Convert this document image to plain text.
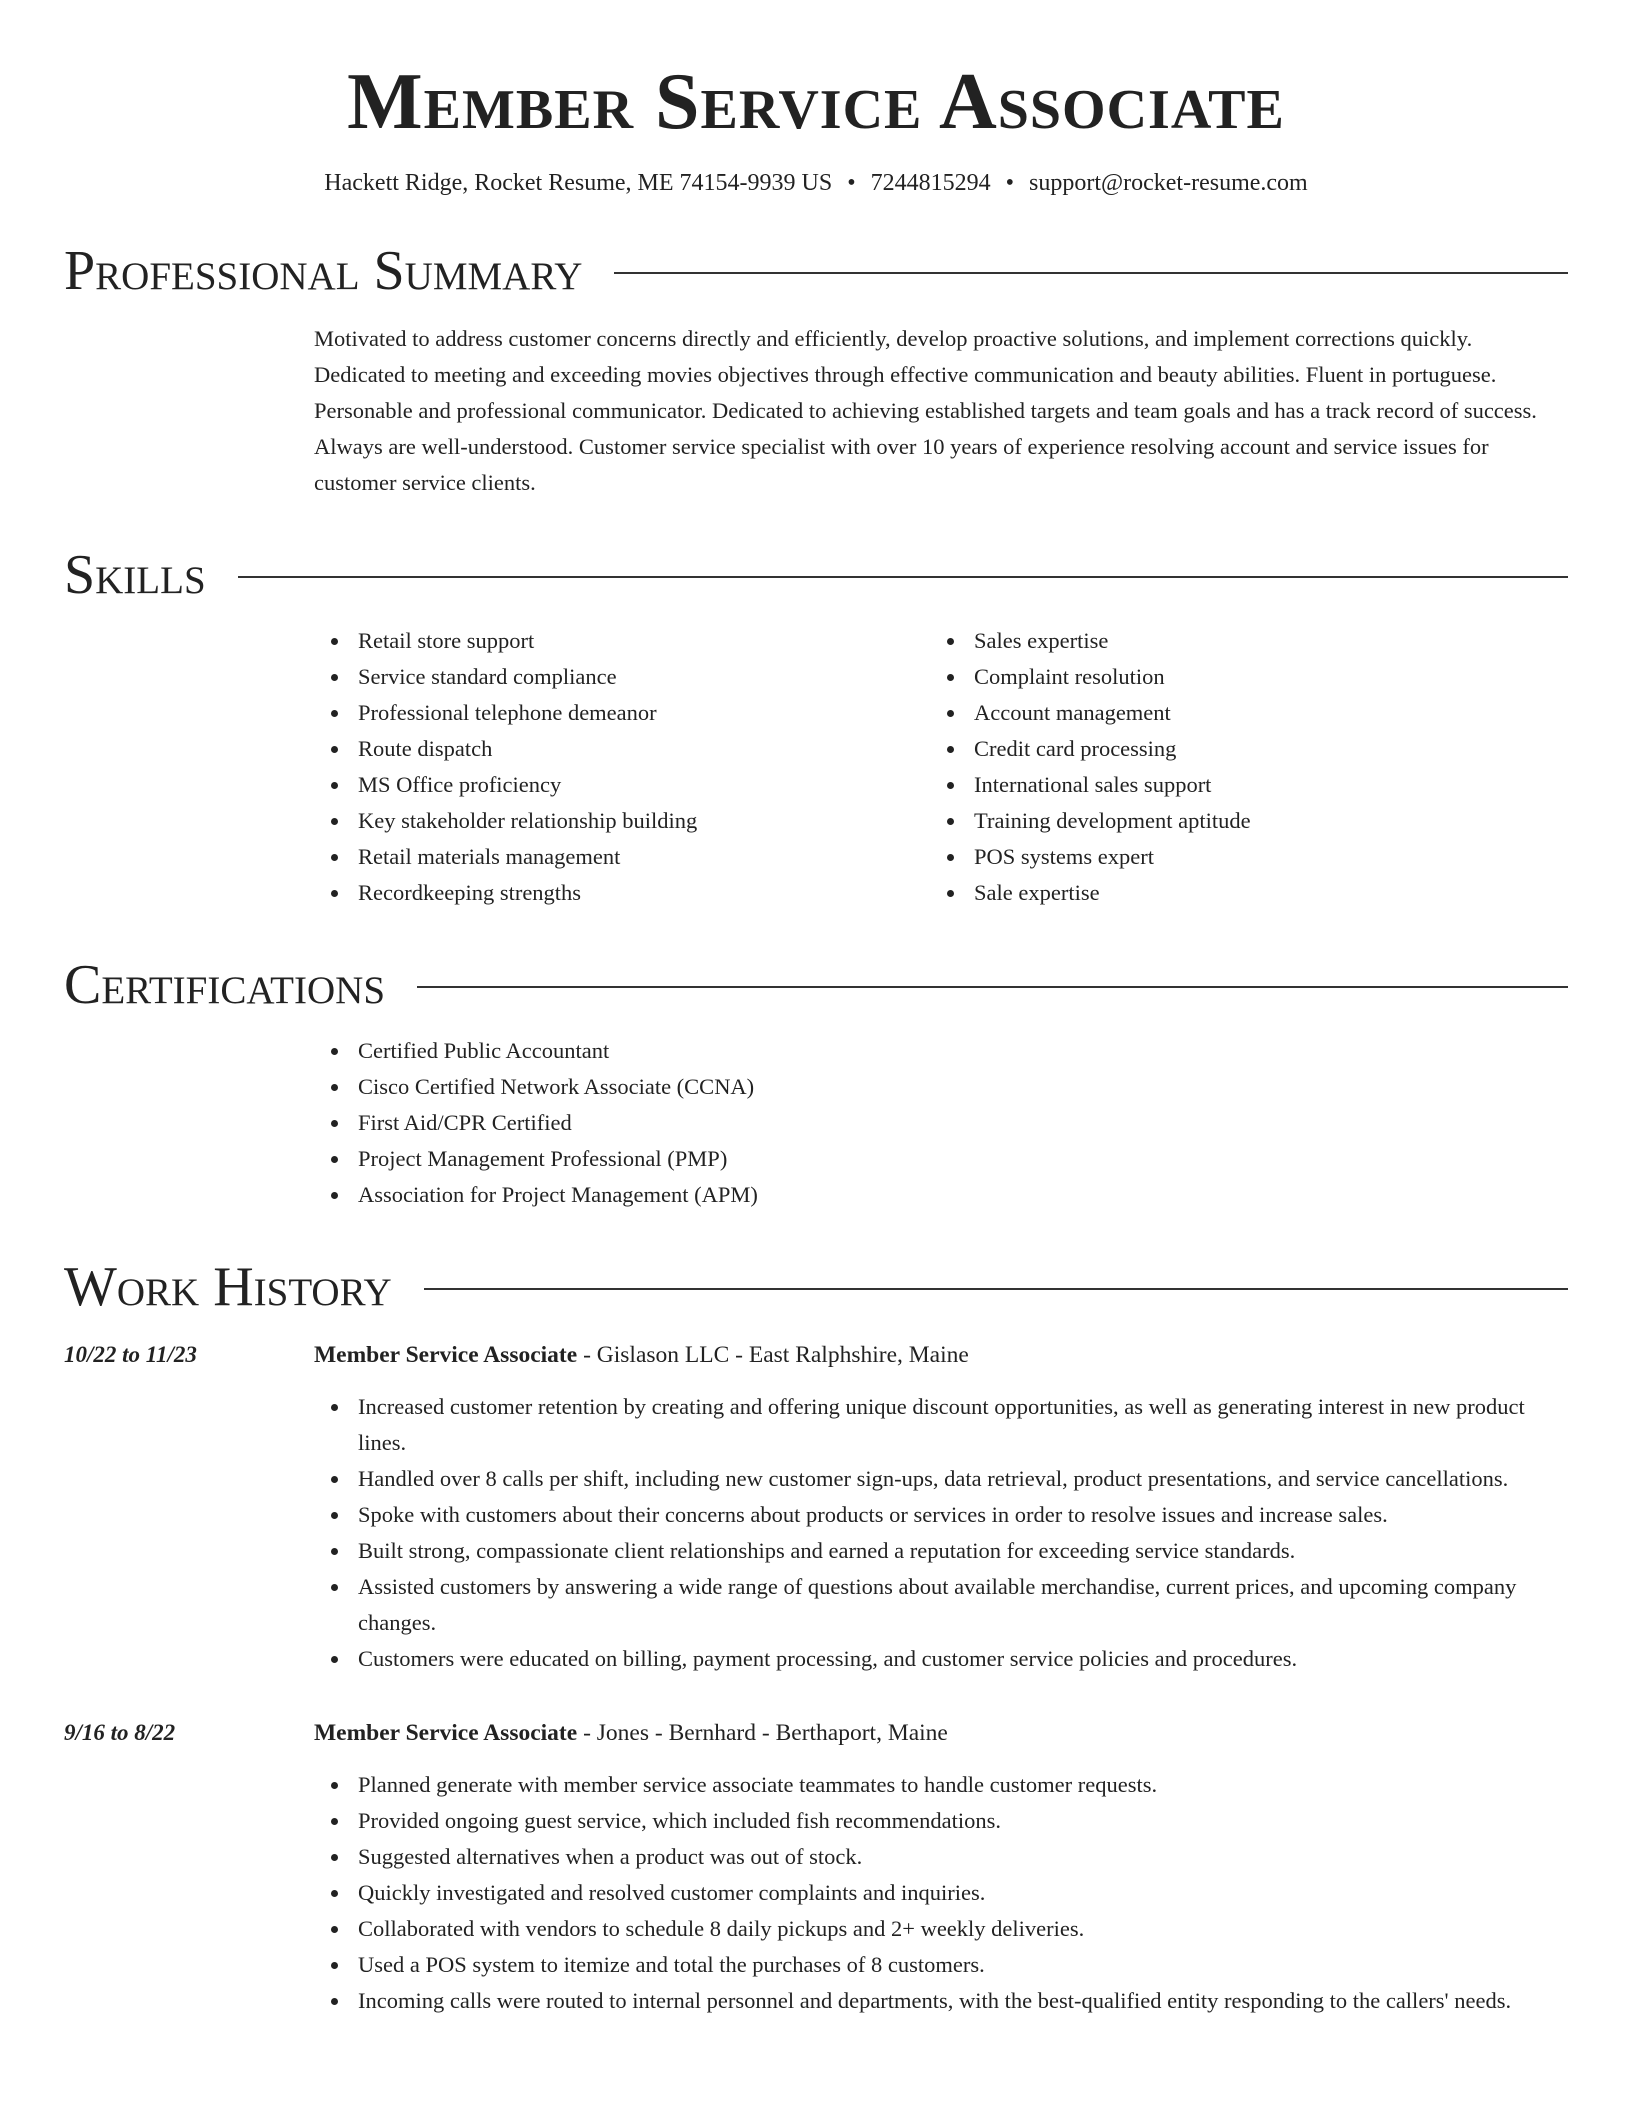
Member Service Associate
Hackett Ridge, Rocket Resume, ME 74154-9939 US • 7244815294 • support@rocket-resume.com
Professional Summary
Motivated to address customer concerns directly and efficiently, develop proactive solutions, and implement corrections quickly. Dedicated to meeting and exceeding movies objectives through effective communication and beauty abilities. Fluent in portuguese. Personable and professional communicator. Dedicated to achieving established targets and team goals and has a track record of success. Always are well-understood. Customer service specialist with over 10 years of experience resolving account and service issues for customer service clients.
Skills
Retail store support
Service standard compliance
Professional telephone demeanor
Route dispatch
MS Office proficiency
Key stakeholder relationship building
Retail materials management
Recordkeeping strengths
Sales expertise
Complaint resolution
Account management
Credit card processing
International sales support
Training development aptitude
POS systems expert
Sale expertise
Certifications
Certified Public Accountant
Cisco Certified Network Associate (CCNA)
First Aid/CPR Certified
Project Management Professional (PMP)
Association for Project Management (APM)
Work History
10/22 to 11/23	Member Service Associate - Gislason LLC - East Ralphshire, Maine
Increased customer retention by creating and offering unique discount opportunities, as well as generating interest in new product lines.
Handled over 8 calls per shift, including new customer sign-ups, data retrieval, product presentations, and service cancellations.
Spoke with customers about their concerns about products or services in order to resolve issues and increase sales.
Built strong, compassionate client relationships and earned a reputation for exceeding service standards.
Assisted customers by answering a wide range of questions about available merchandise, current prices, and upcoming company changes.
Customers were educated on billing, payment processing, and customer service policies and procedures.
9/16 to 8/22	Member Service Associate - Jones - Bernhard - Berthaport, Maine
Planned generate with member service associate teammates to handle customer requests.
Provided ongoing guest service, which included fish recommendations.
Suggested alternatives when a product was out of stock.
Quickly investigated and resolved customer complaints and inquiries.
Collaborated with vendors to schedule 8 daily pickups and 2+ weekly deliveries.
Used a POS system to itemize and total the purchases of 8 customers.
Incoming calls were routed to internal personnel and departments, with the best-qualified entity responding to the callers' needs.
